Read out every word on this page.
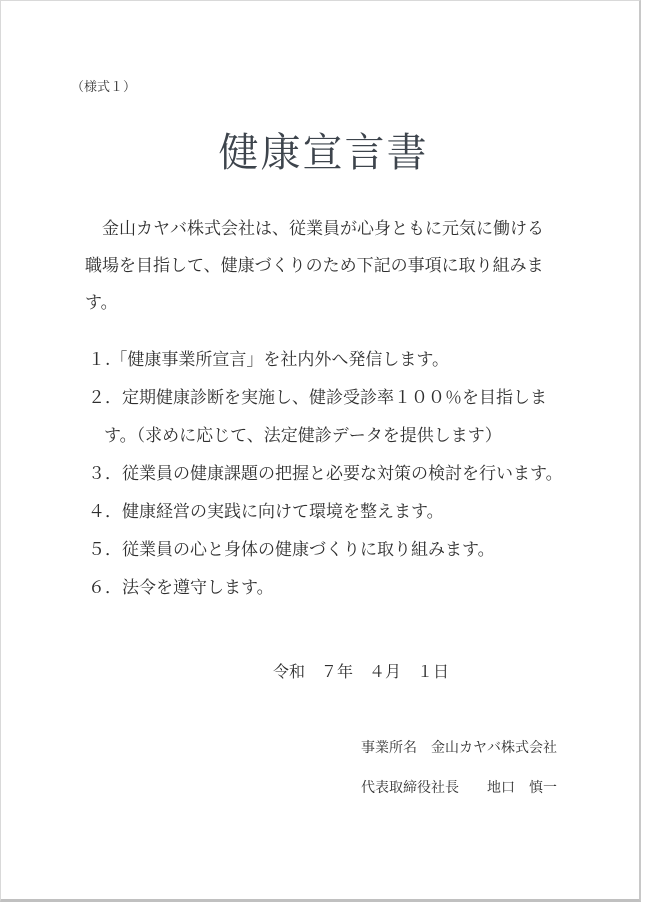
（様式１）
健康宣言書
　金山カヤバ株式会社は、従業員が心身ともに元気に働ける
職場を目指して、健康づくりのため下記の事項に取り組みま
す。
１.「健康事業所宣言」を社内外へ発信します。
２．定期健康診断を実施し、健診受診率１００％を目指しま
す。（求めに応じて、法定健診データを提供します）
３．従業員の健康課題の把握と必要な対策の検討を行います。
４．健康経営の実践に向けて環境を整えます。
５．従業員の心と身体の健康づくりに取り組みます。
６．法令を遵守します。
令和　７年　４月　１日
事業所名　金山カヤバ株式会社
代表取締役社長　　地口　慎一
